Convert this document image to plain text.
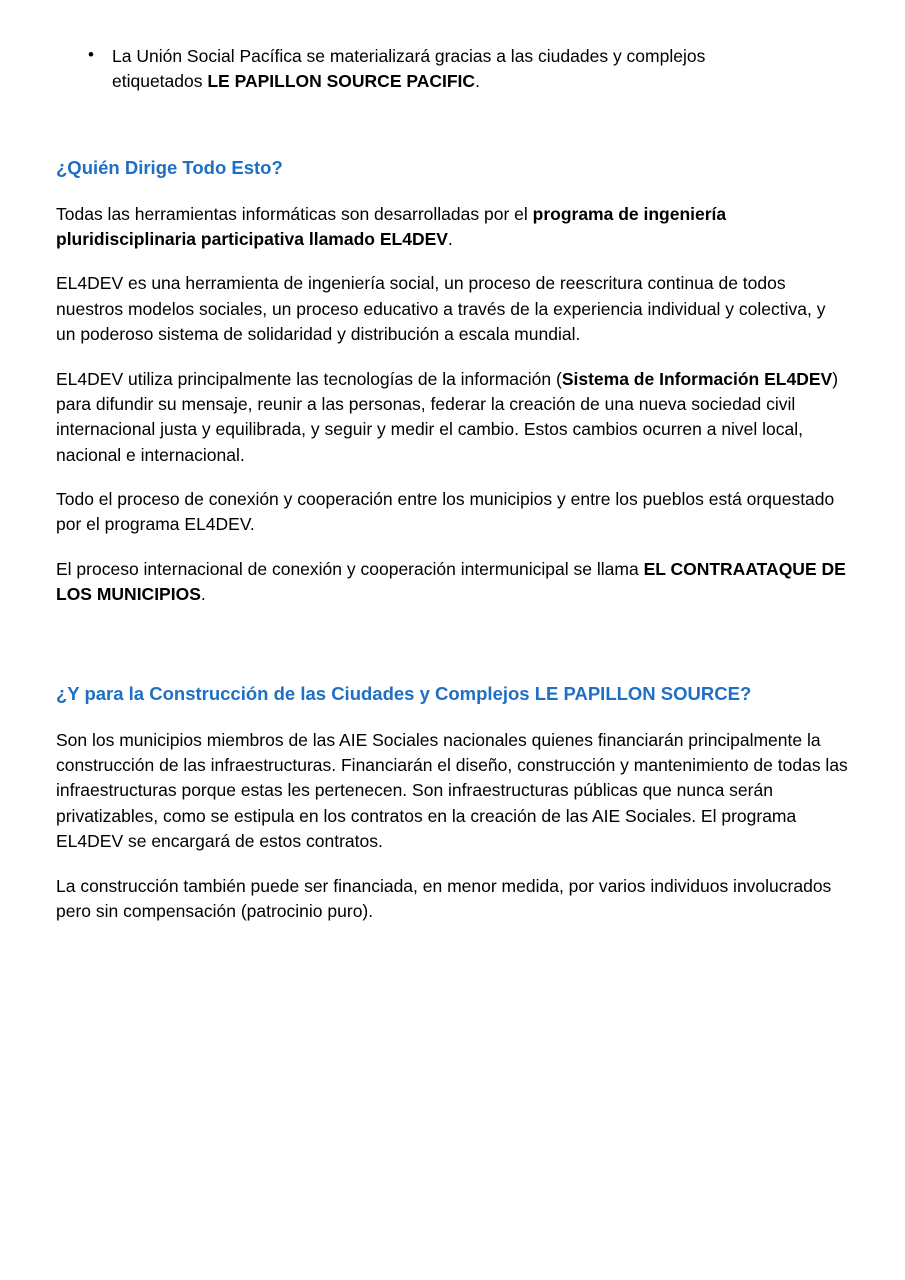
• La Unión Social Pacífica se materializará gracias a las ciudades y complejos etiquetados LE PAPILLON SOURCE PACIFIC.
¿Quién Dirige Todo Esto?

Todas las herramientas informáticas son desarrolladas por el programa de ingeniería pluridisciplinaria participativa llamado EL4DEV.

EL4DEV es una herramienta de ingeniería social, un proceso de reescritura continua de todos nuestros modelos sociales, un proceso educativo a través de la experiencia individual y colectiva, y un poderoso sistema de solidaridad y distribución a escala mundial.

EL4DEV utiliza principalmente las tecnologías de la información (Sistema de Información EL4DEV) para difundir su mensaje, reunir a las personas, federar la creación de una nueva sociedad civil internacional justa y equilibrada, y seguir y medir el cambio. Estos cambios ocurren a nivel local, nacional e internacional.

Todo el proceso de conexión y cooperación entre los municipios y entre los pueblos está orquestado por el programa EL4DEV.

El proceso internacional de conexión y cooperación intermunicipal se llama EL CONTRAATAQUE DE LOS MUNICIPIOS.

¿Y para la Construcción de las Ciudades y Complejos LE PAPILLON SOURCE?

Son los municipios miembros de las AIE Sociales nacionales quienes financiarán principalmente la construcción de las infraestructuras. Financiarán el diseño, construcción y mantenimiento de todas las infraestructuras porque estas les pertenecen. Son infraestructuras públicas que nunca serán privatizables, como se estipula en los contratos en la creación de las AIE Sociales. El programa EL4DEV se encargará de estos contratos.

La construcción también puede ser financiada, en menor medida, por varios individuos involucrados pero sin compensación (patrocinio puro).
